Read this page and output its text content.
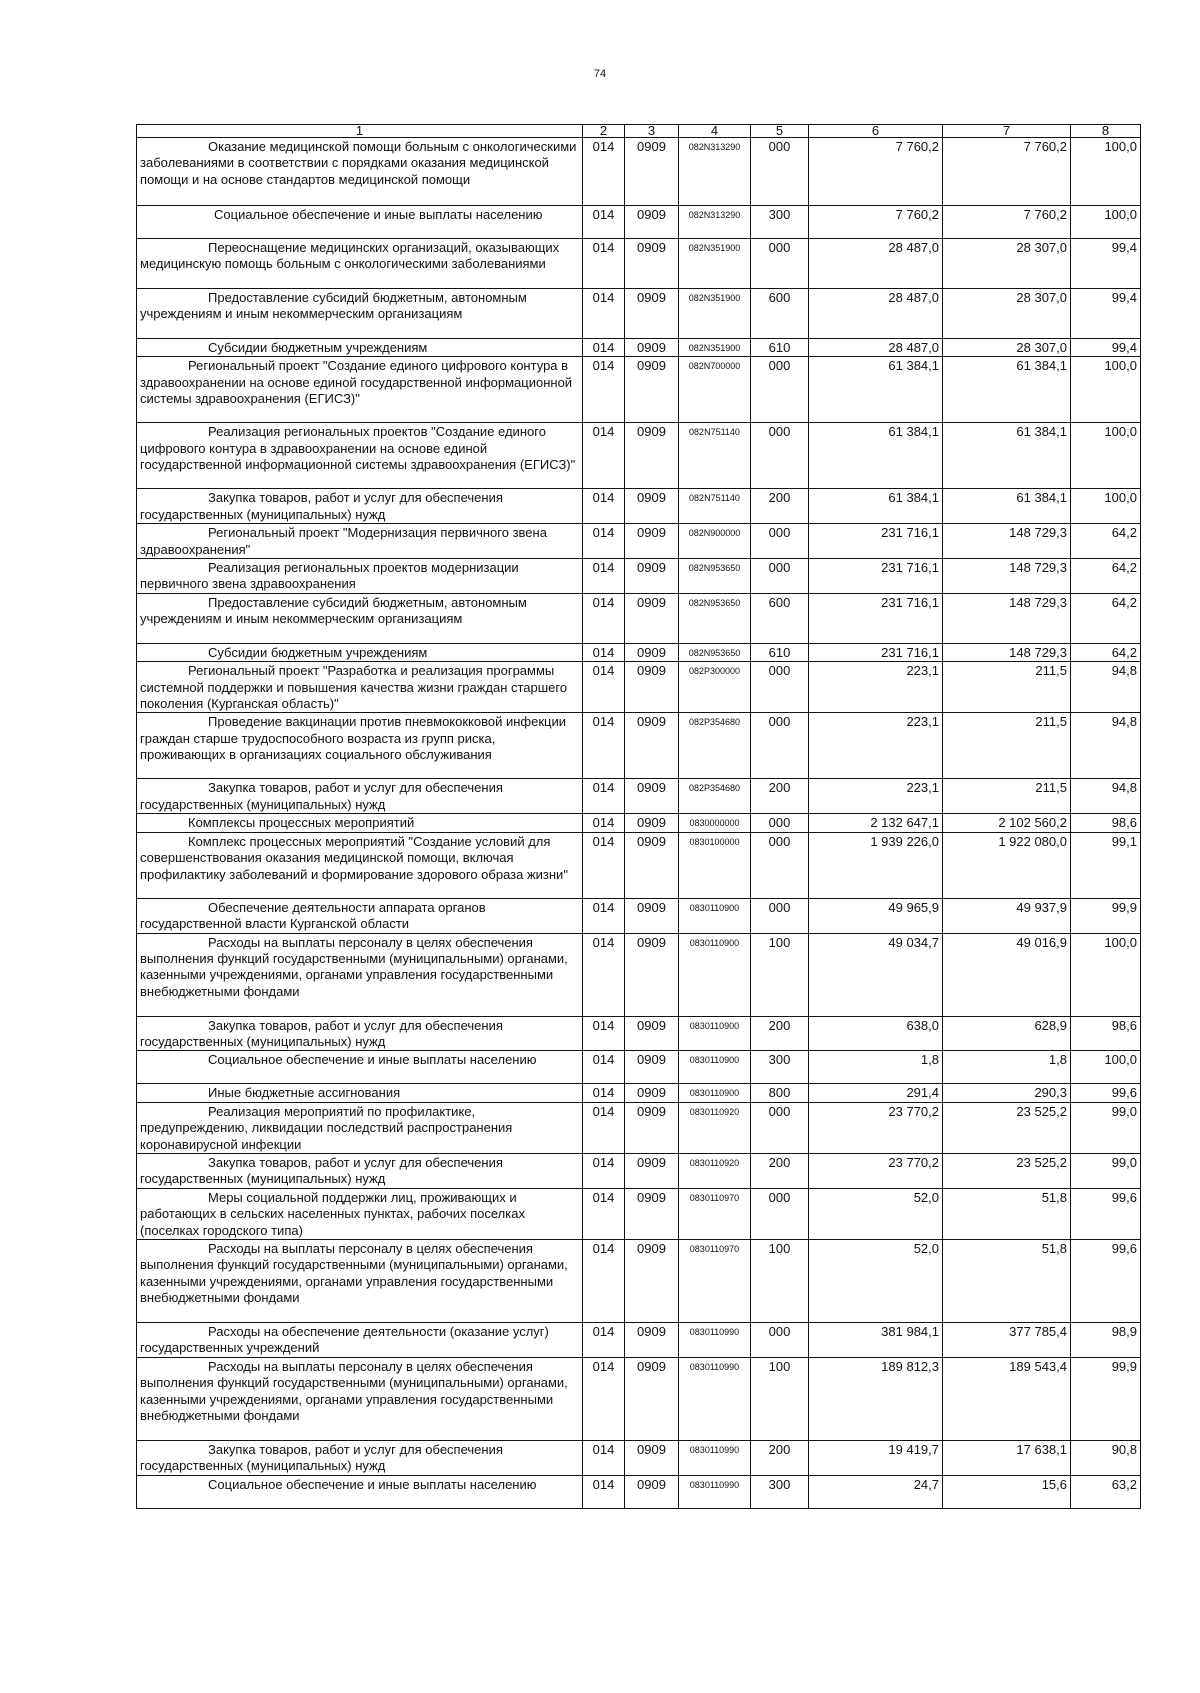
74
1	2	3	4	5	6	7	8
Оказание медицинской помощи больным с онкологическими заболеваниями в соответствии с порядками оказания медицинской помощи и на основе стандартов медицинской помощи	014	0909	082N313290	000	7 760,2	7 760,2	100,0
Социальное обеспечение и иные выплаты населению	014	0909	082N313290	300	7 760,2	7 760,2	100,0
Переоснащение медицинских организаций, оказывающих медицинскую помощь больным с онкологическими заболеваниями	014	0909	082N351900	000	28 487,0	28 307,0	99,4
Предоставление субсидий бюджетным, автономным учреждениям и иным некоммерческим организациям	014	0909	082N351900	600	28 487,0	28 307,0	99,4
Субсидии бюджетным учреждениям	014	0909	082N351900	610	28 487,0	28 307,0	99,4
Региональный проект "Создание единого цифрового контура в здравоохранении на основе единой государственной информационной системы здравоохранения (ЕГИСЗ)"	014	0909	082N700000	000	61 384,1	61 384,1	100,0
Реализация региональных проектов "Создание единого цифрового контура в здравоохранении на основе единой государственной информационной системы здравоохранения (ЕГИСЗ)"	014	0909	082N751140	000	61 384,1	61 384,1	100,0
Закупка товаров, работ и услуг для обеспечения государственных (муниципальных) нужд	014	0909	082N751140	200	61 384,1	61 384,1	100,0
Региональный проект "Модернизация первичного звена здравоохранения"	014	0909	082N900000	000	231 716,1	148 729,3	64,2
Реализация региональных проектов модернизации первичного звена здравоохранения	014	0909	082N953650	000	231 716,1	148 729,3	64,2
Предоставление субсидий бюджетным, автономным учреждениям и иным некоммерческим организациям	014	0909	082N953650	600	231 716,1	148 729,3	64,2
Субсидии бюджетным учреждениям	014	0909	082N953650	610	231 716,1	148 729,3	64,2
Региональный проект "Разработка и реализация программы системной поддержки и повышения качества жизни граждан старшего поколения (Курганская область)"	014	0909	082P300000	000	223,1	211,5	94,8
Проведение вакцинации против пневмококковой инфекции граждан старше трудоспособного возраста из групп риска, проживающих в организациях социального обслуживания	014	0909	082P354680	000	223,1	211,5	94,8
Закупка товаров, работ и услуг для обеспечения государственных (муниципальных) нужд	014	0909	082P354680	200	223,1	211,5	94,8
Комплексы процессных мероприятий	014	0909	0830000000	000	2 132 647,1	2 102 560,2	98,6
Комплекс процессных мероприятий "Создание условий для совершенствования оказания медицинской помощи, включая профилактику заболеваний и формирование здорового образа жизни"	014	0909	0830100000	000	1 939 226,0	1 922 080,0	99,1
Обеспечение деятельности аппарата органов государственной власти Курганской области	014	0909	0830110900	000	49 965,9	49 937,9	99,9
Расходы на выплаты персоналу в целях обеспечения выполнения функций государственными (муниципальными) органами, казенными учреждениями, органами управления государственными внебюджетными фондами	014	0909	0830110900	100	49 034,7	49 016,9	100,0
Закупка товаров, работ и услуг для обеспечения государственных (муниципальных) нужд	014	0909	0830110900	200	638,0	628,9	98,6
Социальное обеспечение и иные выплаты населению	014	0909	0830110900	300	1,8	1,8	100,0
Иные бюджетные ассигнования	014	0909	0830110900	800	291,4	290,3	99,6
Реализация мероприятий по профилактике, предупреждению, ликвидации последствий распространения коронавирусной инфекции	014	0909	0830110920	000	23 770,2	23 525,2	99,0
Закупка товаров, работ и услуг для обеспечения государственных (муниципальных) нужд	014	0909	0830110920	200	23 770,2	23 525,2	99,0
Меры социальной поддержки лиц, проживающих и работающих в сельских населенных пунктах, рабочих поселках (поселках городского типа)	014	0909	0830110970	000	52,0	51,8	99,6
Расходы на выплаты персоналу в целях обеспечения выполнения функций государственными (муниципальными) органами, казенными учреждениями, органами управления государственными внебюджетными фондами	014	0909	0830110970	100	52,0	51,8	99,6
Расходы на обеспечение деятельности (оказание услуг) государственных учреждений	014	0909	0830110990	000	381 984,1	377 785,4	98,9
Расходы на выплаты персоналу в целях обеспечения выполнения функций государственными (муниципальными) органами, казенными учреждениями, органами управления государственными внебюджетными фондами	014	0909	0830110990	100	189 812,3	189 543,4	99,9
Закупка товаров, работ и услуг для обеспечения государственных (муниципальных) нужд	014	0909	0830110990	200	19 419,7	17 638,1	90,8
Социальное обеспечение и иные выплаты населению	014	0909	0830110990	300	24,7	15,6	63,2
